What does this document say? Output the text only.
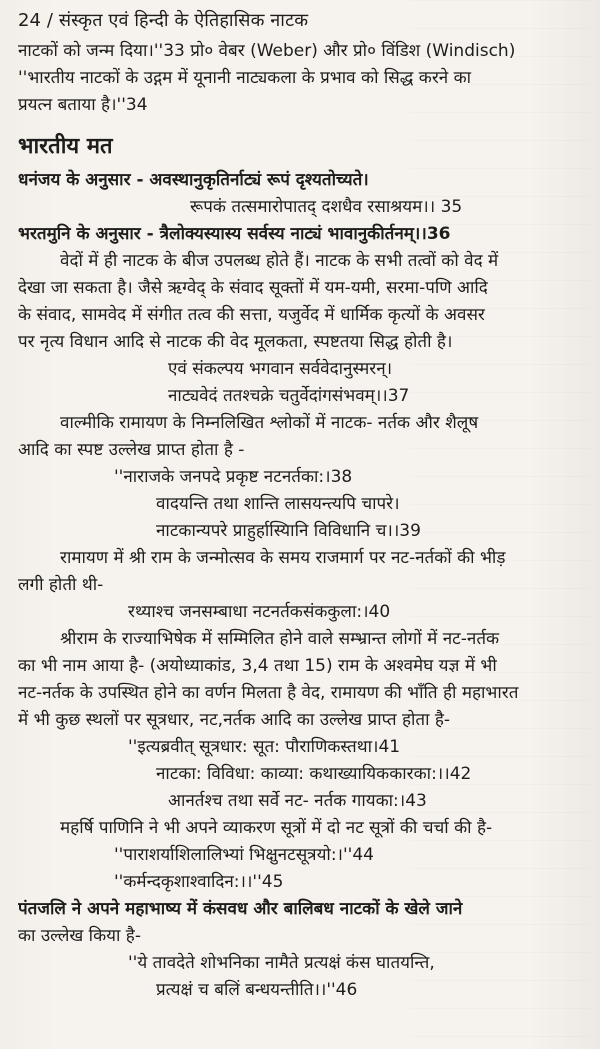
24 / संस्कृत एवं हिन्दी के ऐतिहासिक नाटक
नाटकों को जन्म दिया।''33 प्रो० वेबर (Weber) और प्रो० विंडिश (Windisch)
''भारतीय नाटकों के उद्गम में यूनानी नाट्यकला के प्रभाव को सिद्ध करने का
प्रयत्न बताया है।''34
भारतीय मत
धनंजय के अनुसार - अवस्थानुकृतिर्नाट्यं रूपं दृश्यतोच्यते।
रूपकं तत्समारोपातद् दशधैव रसाश्रयम।। 35
भरतमुनि के अनुसार - त्रैलोक्यस्यास्य सर्वस्य नाट्यं भावानुकीर्तनम्।।36
वेदों में ही नाटक के बीज उपलब्ध होते हैं। नाटक के सभी तत्वों को वेद में
देखा जा सकता है। जैसे ऋग्वेद् के संवाद सूक्तों में यम-यमी, सरमा-पणि आदि
के संवाद, सामवेद में संगीत तत्व की सत्ता, यजुर्वेद में धार्मिक कृत्यों के अवसर
पर नृत्य विधान आदि से नाटक की वेद मूलकता, स्पष्टतया सिद्ध होती है।
एवं संकल्पय भगवान सर्ववेदानुस्मरन्।
नाट्यवेदं ततश्चक्रे चतुर्वेदांगसंभवम्।।37
वाल्मीकि रामायण के निम्नलिखित श्लोकों में नाटक- नर्तक और शैलूष
आदि का स्पष्ट उल्लेख प्राप्त होता है -
''नाराजके जनपदे प्रकृष्ट नटनर्तका:।38
वादयन्ति तथा शान्ति लासयन्त्यपि चापरे।
नाटकान्यपरे प्राहुर्हास्यिानि विविधानि च।।39
रामायण में श्री राम के जन्मोत्सव के समय राजमार्ग पर नट-नर्तकों की भीड़
लगी होती थी-
रथ्याश्च जनसम्बाधा नटनर्तकसंककुला:।40
श्रीराम के राज्याभिषेक में सम्मिलित होने वाले सम्भ्रान्त लोगों में नट-नर्तक
का भी नाम आया है- (अयोध्याकांड, 3,4 तथा 15) राम के अश्वमेघ यज्ञ में भी
नट-नर्तक के उपस्थित होने का वर्णन मिलता है वेद, रामायण की भाँति ही महाभारत
में भी कुछ स्थलों पर सूत्रधार, नट,नर्तक आदि का उल्लेख प्राप्त होता है-
''इत्यब्रवीत् सूत्रधार: सूत: पौराणिकस्तथा।41
नाटका: विविधा: काव्या: कथाख्यायिककारका:।।42
आनर्तश्च तथा सर्वे नट- नर्तक गायका:।43
महर्षि पाणिनि ने भी अपने व्याकरण सूत्रों में दो नट सूत्रों की चर्चा की है-
''पाराशर्याशिलालिभ्यां भिक्षुनटसूत्रयो:।''44
''कर्मन्दकृशाश्वादिन:।।''45
पंतजलि ने अपने महाभाष्य में कंसवध और बालिबध नाटकों के खेले जाने
का उल्लेख किया है-
''ये तावदेते शोभनिका नामैते प्रत्यक्षं कंस घातयन्ति,
प्रत्यक्षं च बलिं बन्धयन्तीति।।''46
